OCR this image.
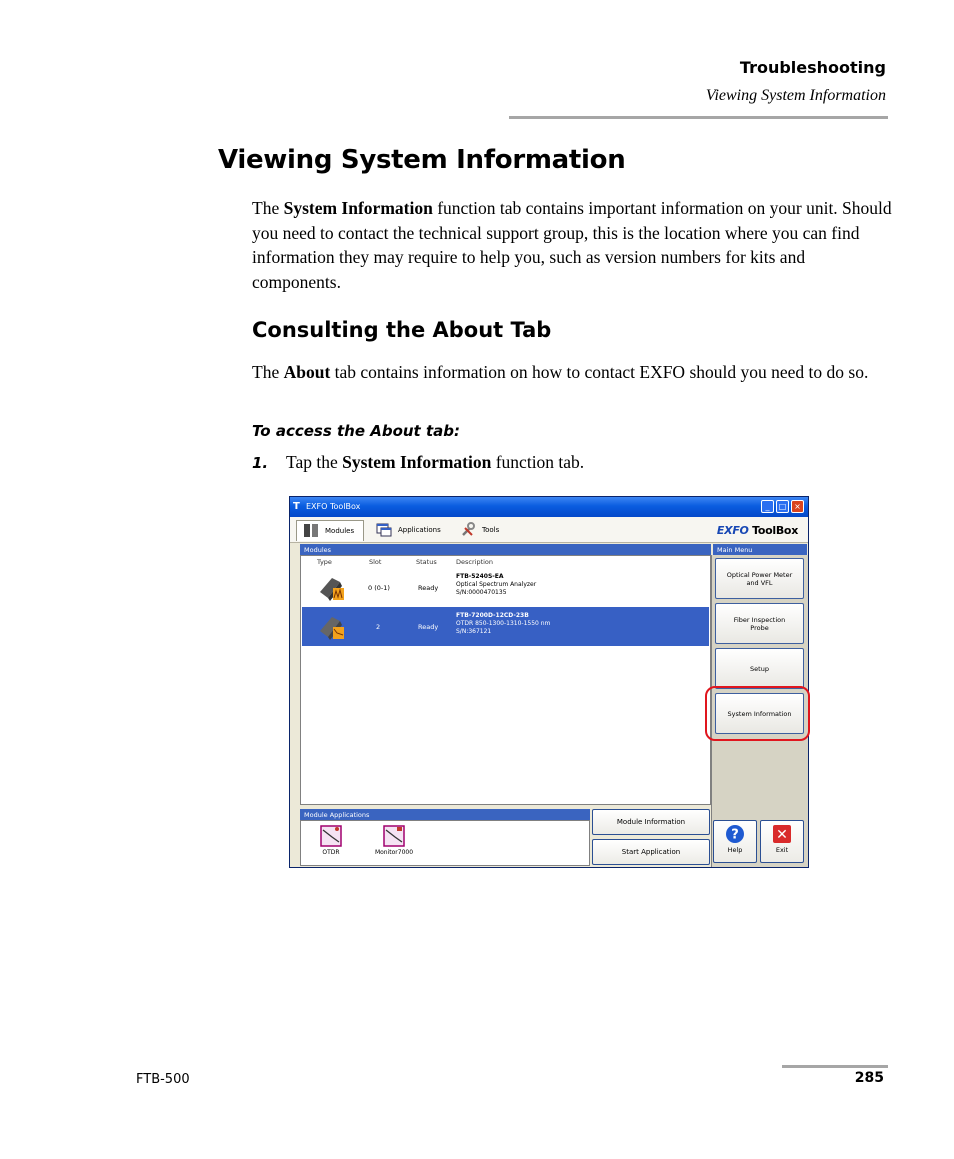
Troubleshooting
Viewing System Information
Viewing System Information
The System Information function tab contains important information on your unit. Should you need to contact the technical support group, this is the location where you can find information they may require to help you, such as version numbers for kits and components.
Consulting the About Tab
The About tab contains information on how to contact EXFO should you need to do so.
To access the About tab:
1. Tap the System Information function tab.
T EXFO ToolBox	_	□ ×
Modules	Applications	Tools	EXFO ToolBox
Modules
Type	Slot	Status	Description
0 (0-1)	Ready
FTB-5240S-EA
Optical Spectrum Analyzer
S/N:0000470135
2	Ready
FTB-7200D-12CD-23B
OTDR 850-1300-1310-1550 nm
S/N:367121
Module Applications
OTDR	Monitor7000
Module Information
Start Application
Main Menu
Optical Power Meter
and VFL
Fiber Inspection
Probe
Setup
System Information
?
Help
✕
Exit
FTB-500	285
